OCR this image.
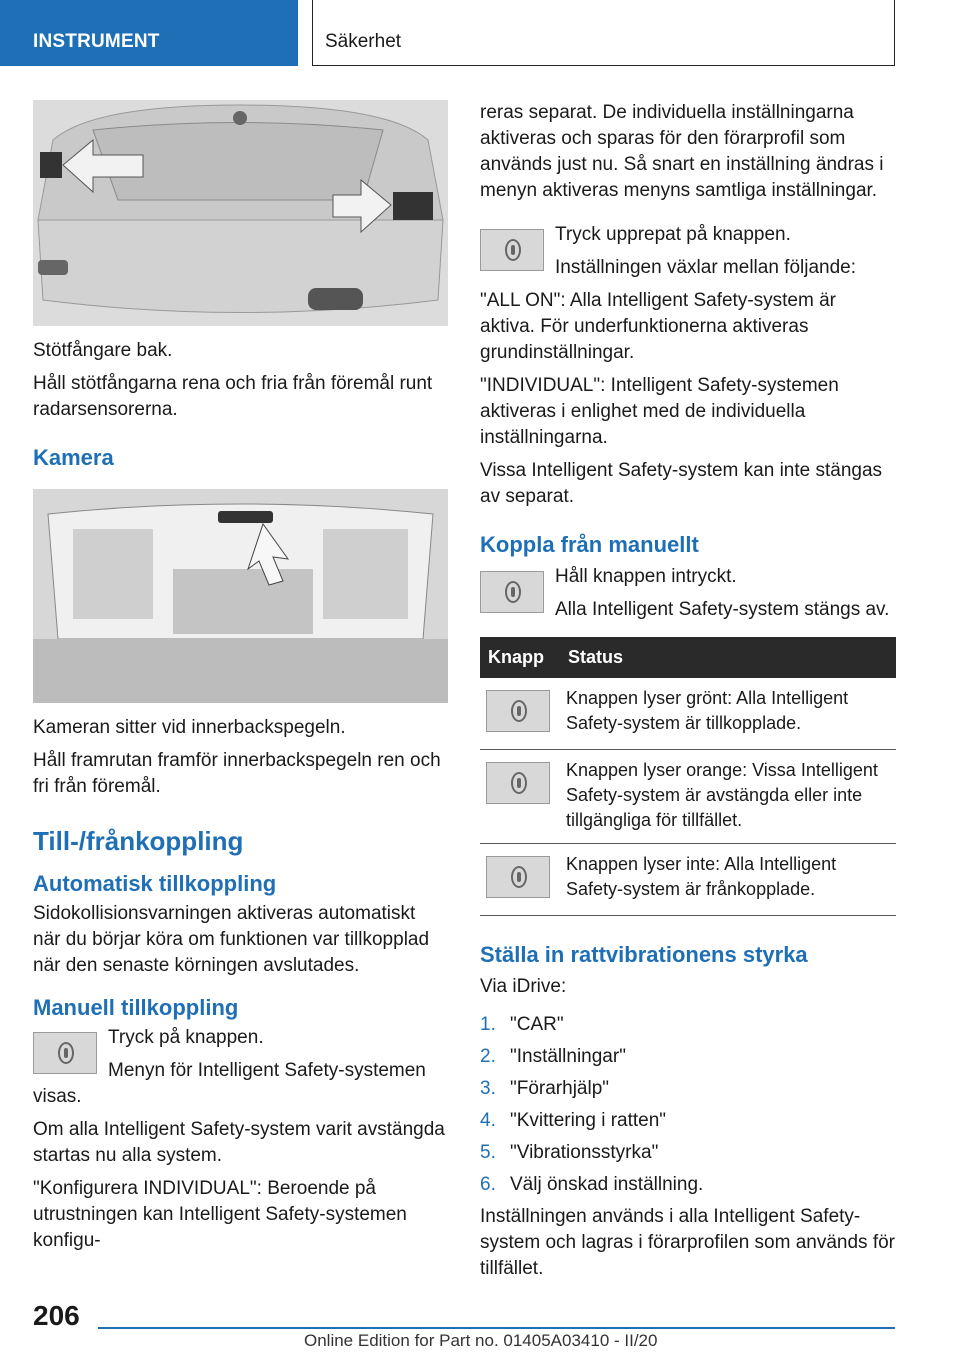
INSTRUMENT	Säkerhet

Stötfångare bak.

Håll stötfångarna rena och fria från föremål runt radarsensorerna.

Kamera

Kameran sitter vid innerbackspegeln.

Håll framrutan framför innerbackspegeln ren och fri från föremål.

Till-/frånkoppling
Automatisk tillkoppling

Sidokollisionsvarningen aktiveras automatiskt när du börjar köra om funktionen var tillkopplad när den senaste körningen avslutades.

Manuell tillkoppling

Tryck på knappen.

Menyn för Intelligent Safety-systemen visas.

Om alla Intelligent Safety-system varit avstängda startas nu alla system.

"Konfigurera INDIVIDUAL": Beroende på utrustningen kan Intelligent Safety-systemen konfigu-

reras separat. De individuella inställningarna aktiveras och sparas för den förarprofil som används just nu. Så snart en inställning ändras i menyn aktiveras menyns samtliga inställningar.

Tryck upprepat på knappen.

Inställningen växlar mellan följande:

"ALL ON": Alla Intelligent Safety-system är aktiva. För underfunktionerna aktiveras grundinställningar.

"INDIVIDUAL": Intelligent Safety-systemen aktiveras i enlighet med de individuella inställningarna.

Vissa Intelligent Safety-system kan inte stängas av separat.

Koppla från manuellt

Håll knappen intryckt.

Alla Intelligent Safety-system stängs av.

Knapp	Status

	Knappen lyser grönt: Alla Intelligent Safety-system är tillkopplade.

	Knappen lyser orange: Vissa Intelligent Safety-system är avstängda eller inte tillgängliga för tillfället.

	Knappen lyser inte: Alla Intelligent Safety-system är frånkopplade.
Ställa in rattvibrationens styrka

Via iDrive:

1. "CAR"
2. "Inställningar"
3. "Förarhjälp"
4. "Kvittering i ratten"
5. "Vibrationsstyrka"
6. Välj önskad inställning.

Inställningen används i alla Intelligent Safety-system och lagras i förarprofilen som används för tillfället.

206
Online Edition for Part no. 01405A03410 - II/20
